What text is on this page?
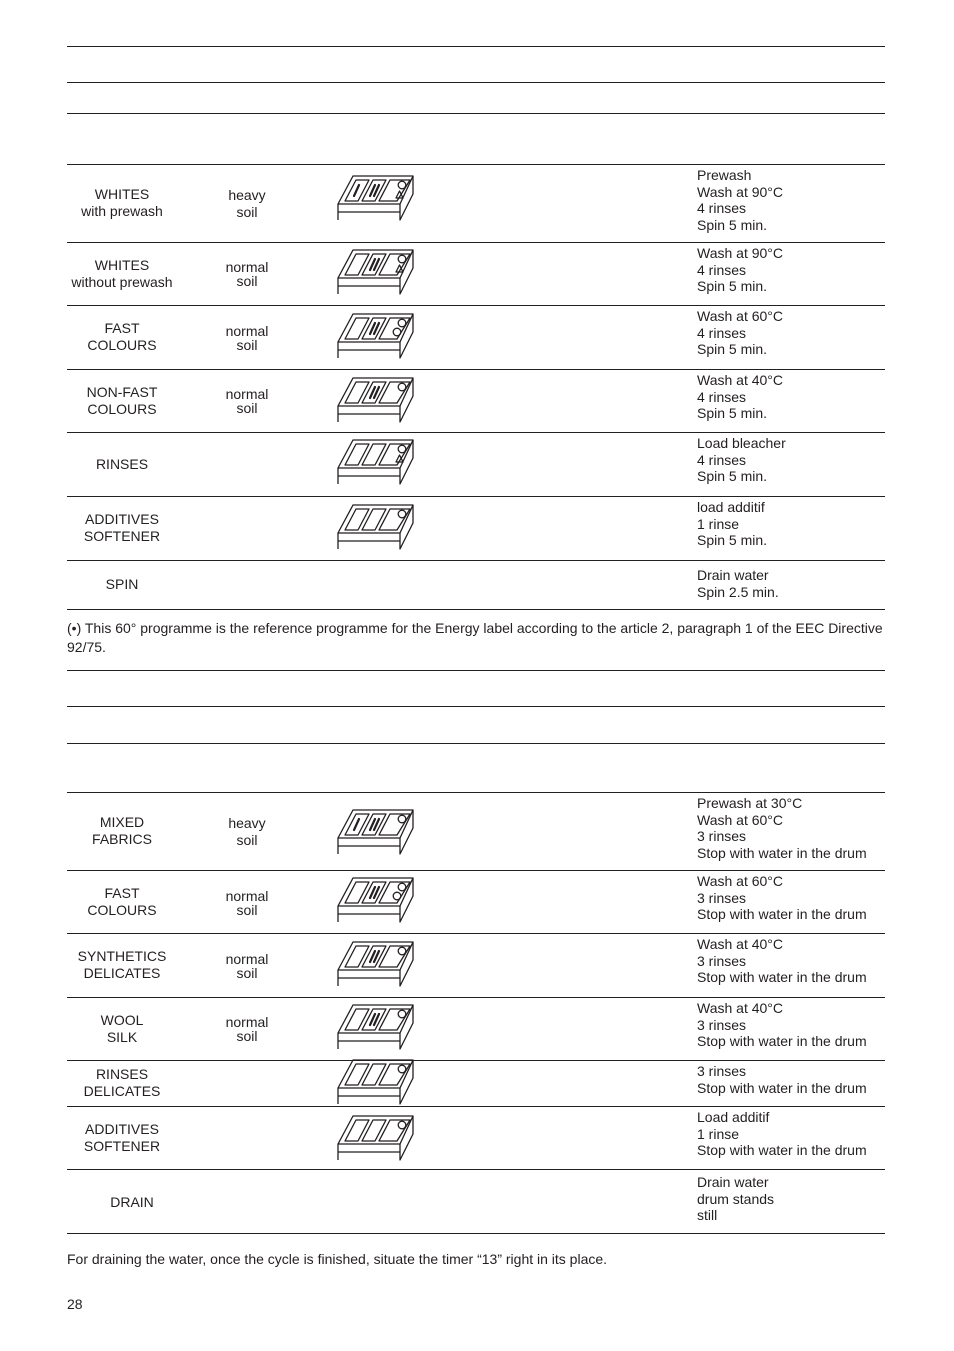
WHITES
with prewash
heavy
soil
Prewash
Wash at 90°C
4 rinses
Spin 5 min.
WHITES
without prewash
normal
soil
Wash at 90°C
4 rinses
Spin 5 min.
FAST
COLOURS
normal
soil
Wash at 60°C
4 rinses
Spin 5 min.
NON-FAST
COLOURS
normal
soil
Wash at 40°C
4 rinses
Spin 5 min.
RINSES
Load bleacher
4 rinses
Spin 5 min.
ADDITIVES
SOFTENER
load additif
1 rinse
Spin 5 min.
SPIN
Drain water
Spin 2.5 min.
(•) This 60° programme is the reference programme for the Energy label according to the article 2, paragraph 1 of the EEC Directive 92/75.
MIXED
FABRICS
heavy
soil
Prewash at 30°C
Wash at 60°C
3 rinses
Stop with water in the drum
FAST
COLOURS
normal
soil
Wash at 60°C
3 rinses
Stop with water in the drum
SYNTHETICS
DELICATES
normal
soil
Wash at 40°C
3 rinses
Stop with water in the drum
WOOL
SILK
normal
soil
Wash at 40°C
3 rinses
Stop with water in the drum
RINSES
DELICATES
3 rinses
Stop with water in the drum
ADDITIVES
SOFTENER
Load additif
1 rinse
Stop with water in the drum
DRAIN
Drain water
drum stands
still
For draining the water, once the cycle is finished, situate the timer “13” right in its place.
28
